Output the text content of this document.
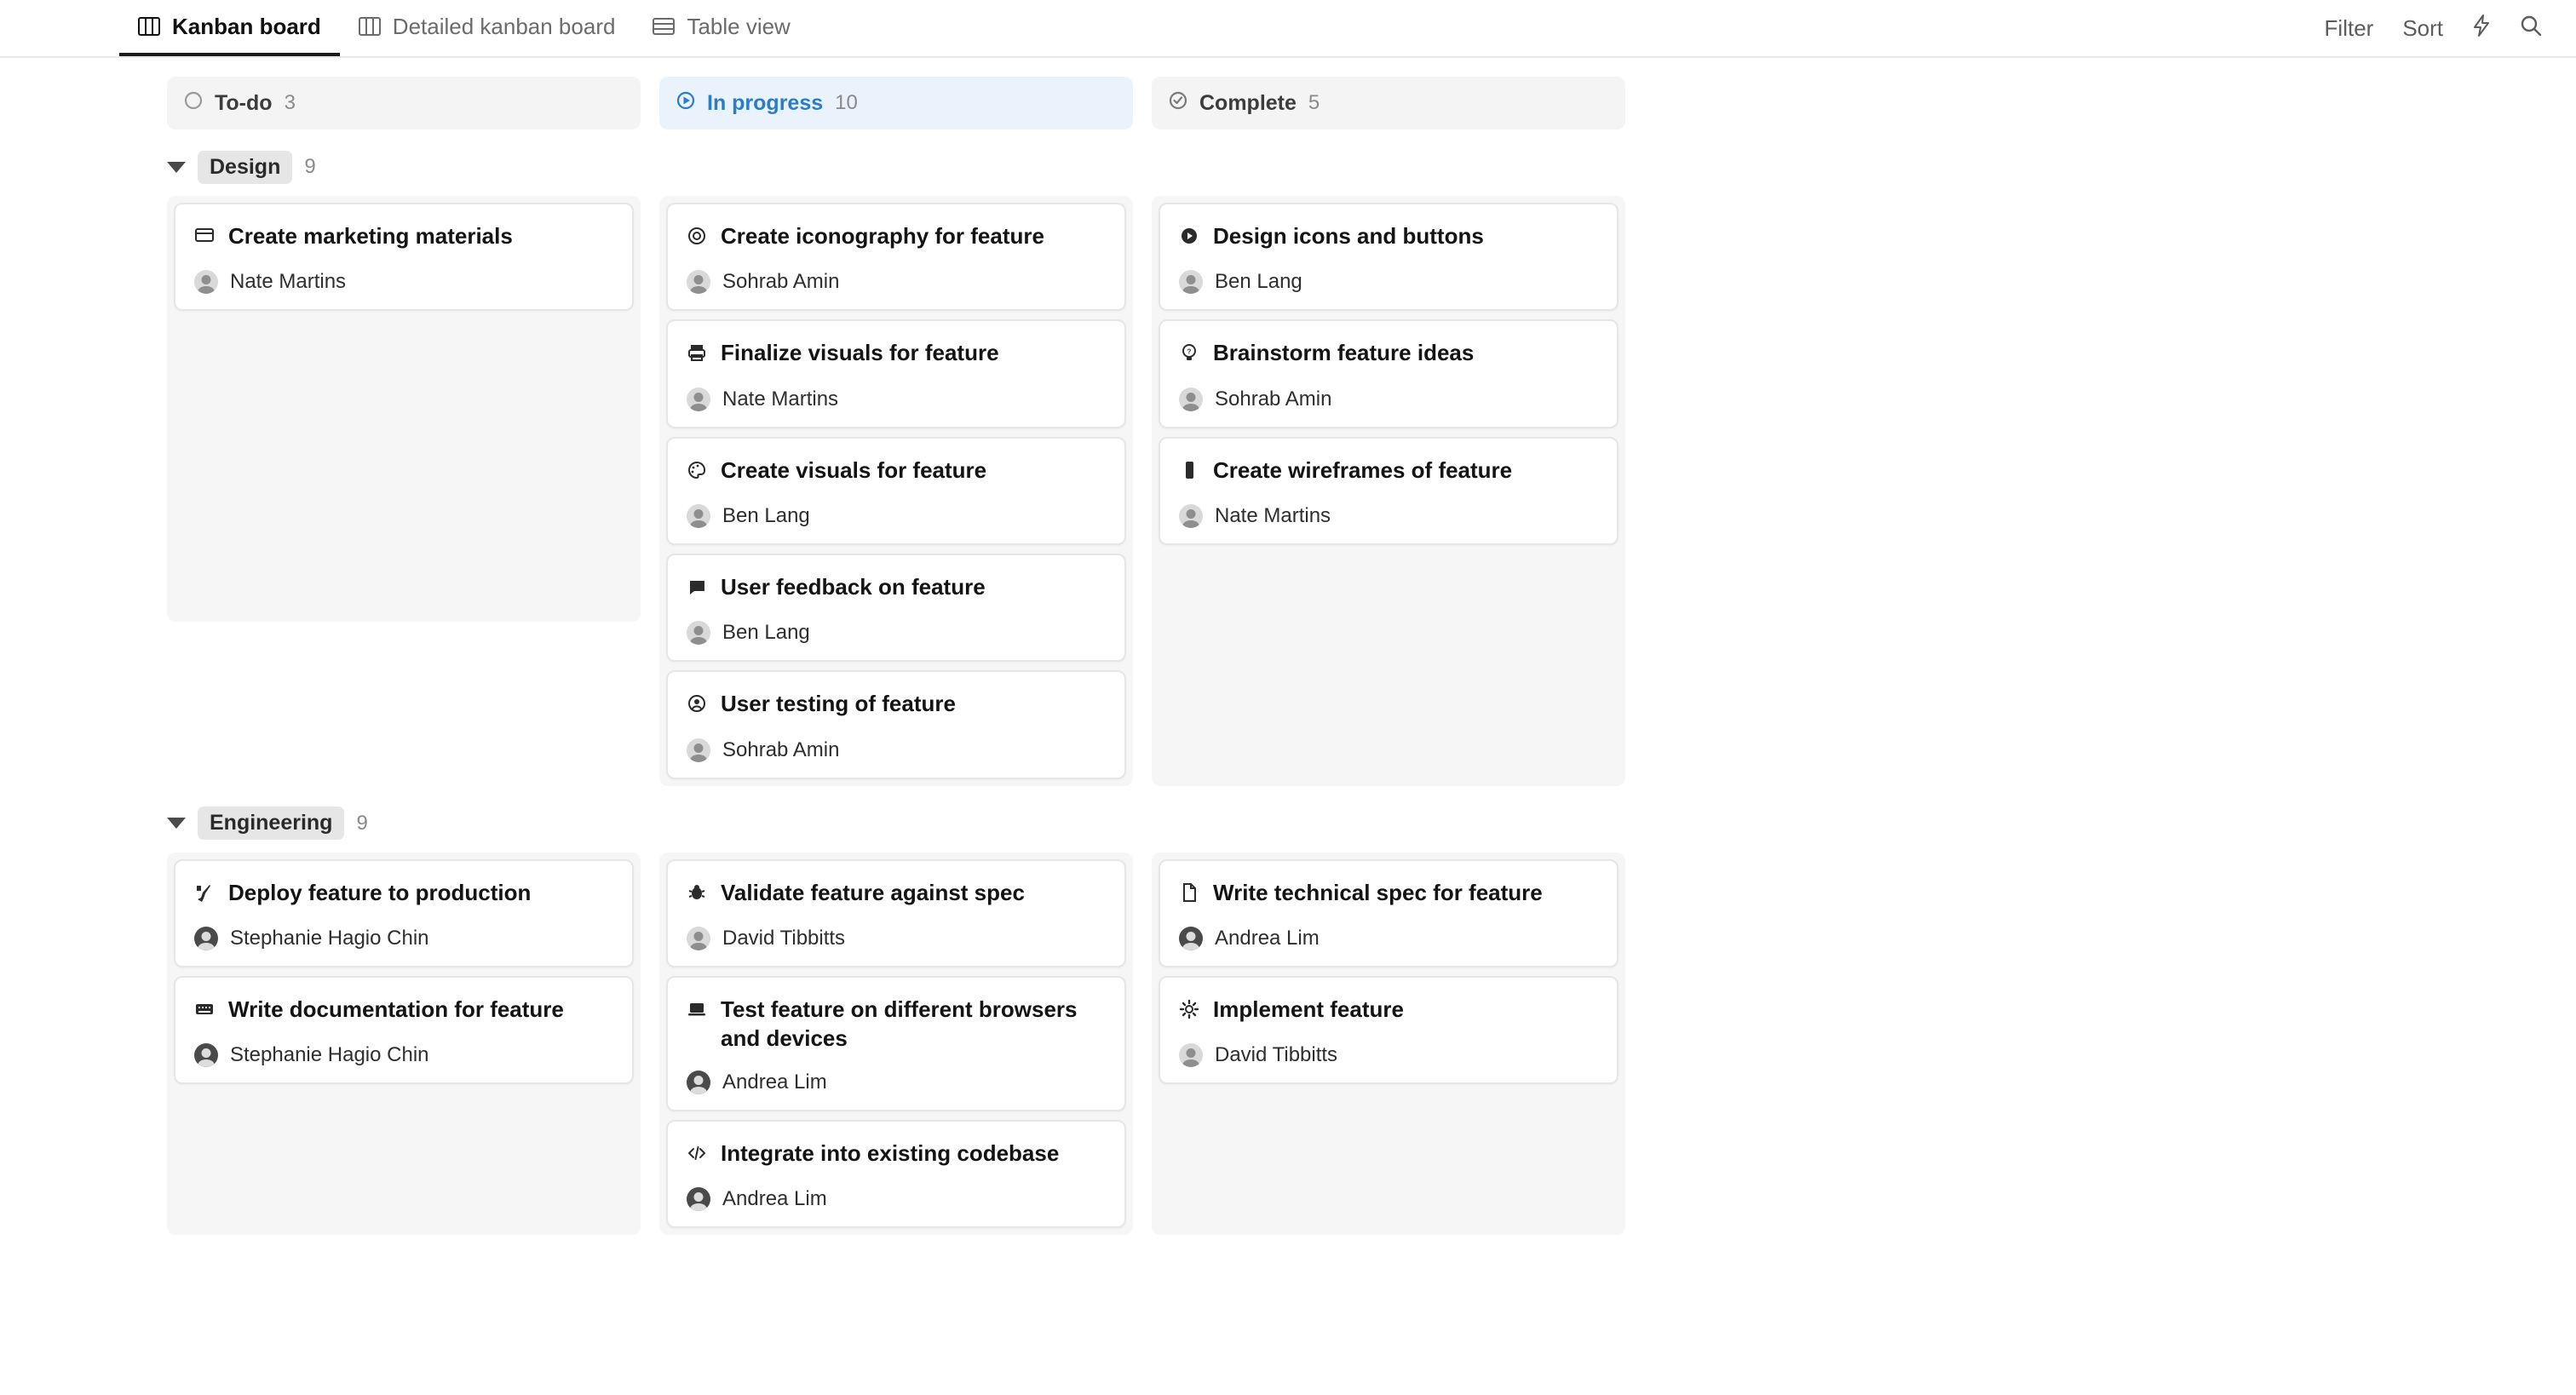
Kanban board	Detailed kanban board	Table view	Filter Sort
To-do 3	In progress 10	Complete 5
Design	9
Create marketing materials
Nate Martins
Create iconography for feature
Sohrab Amin
Finalize visuals for feature
Nate Martins
Create visuals for feature
Ben Lang
User feedback on feature
Ben Lang
User testing of feature
Sohrab Amin
Design icons and buttons
Ben Lang
? Brainstorm feature ideas
Sohrab Amin
Create wireframes of feature
Nate Martins
Engineering	9
Deploy feature to production
Stephanie Hagio Chin
Write documentation for feature
Stephanie Hagio Chin
Validate feature against spec
David Tibbitts
Test feature on different browsers and devices
Andrea Lim
Integrate into existing codebase
Andrea Lim
Write technical spec for feature
Andrea Lim
Implement feature
David Tibbitts
